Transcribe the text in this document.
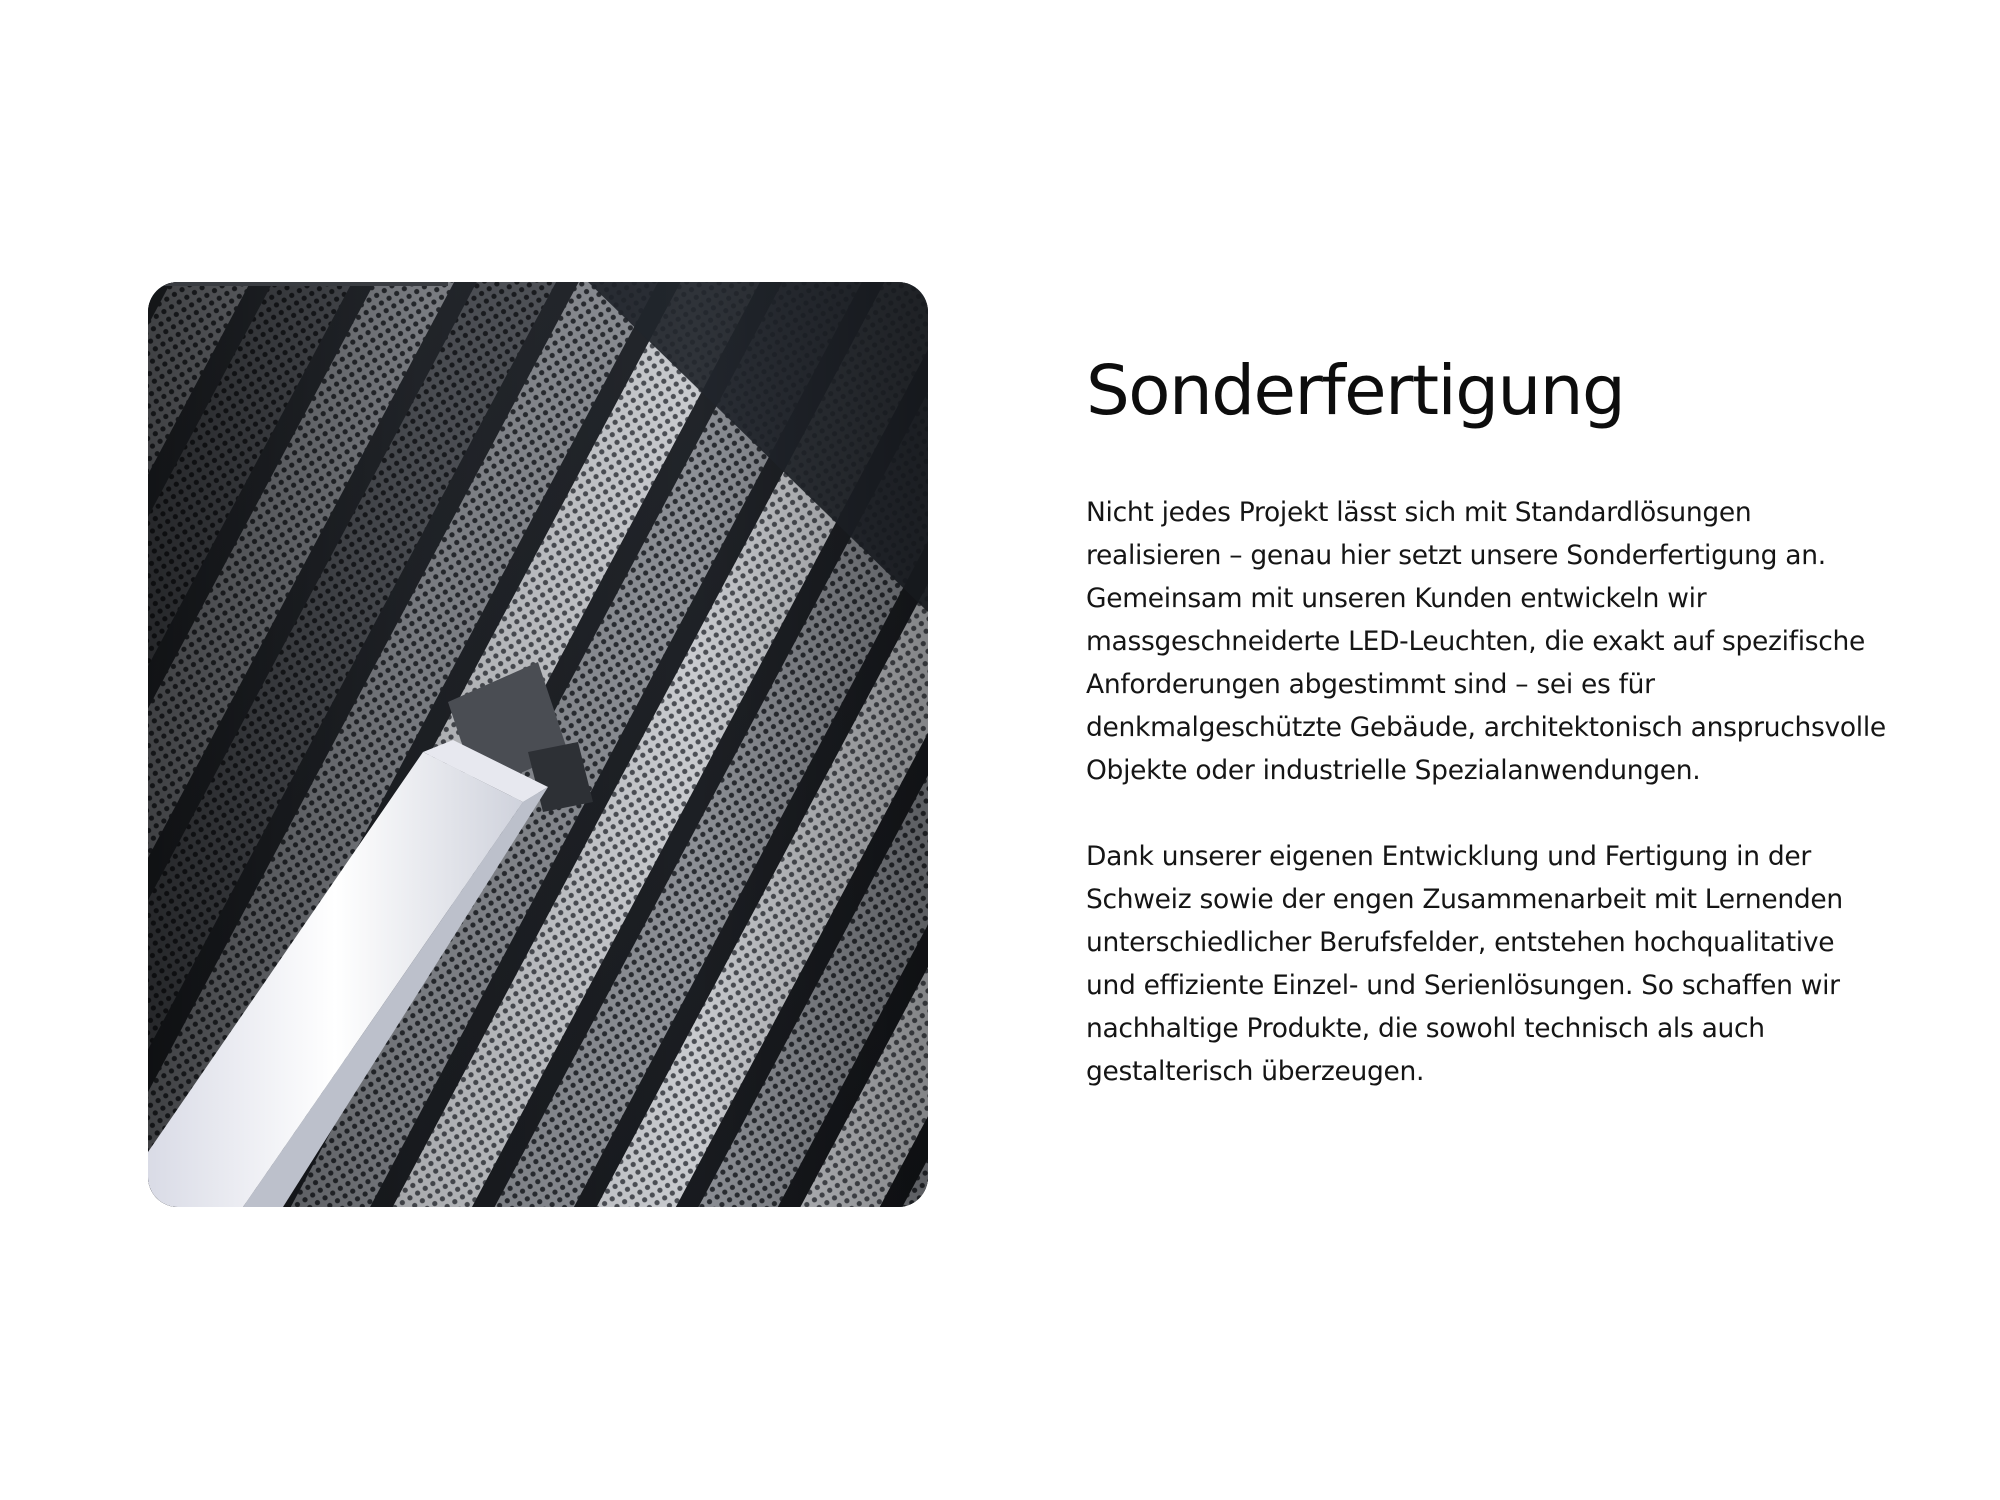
Sonderfertigung

Nicht jedes Projekt lässt sich mit Standardlösungen realisieren – genau hier setzt unsere Sonderfertigung an. Gemeinsam mit unseren Kunden entwickeln wir massgeschneiderte LED-Leuchten, die exakt auf spezifische Anforderungen abgestimmt sind – sei es für denkmalgeschützte Gebäude, architektonisch anspruchsvolle Objekte oder industrielle Spezialanwendungen.

Dank unserer eigenen Entwicklung und Fertigung in der Schweiz sowie der engen Zusammenarbeit mit Lernenden unterschiedlicher Berufsfelder, entstehen hochqualitative und effiziente Einzel- und Serienlösungen. So schaffen wir nachhaltige Produkte, die sowohl technisch als auch gestalterisch überzeugen.
